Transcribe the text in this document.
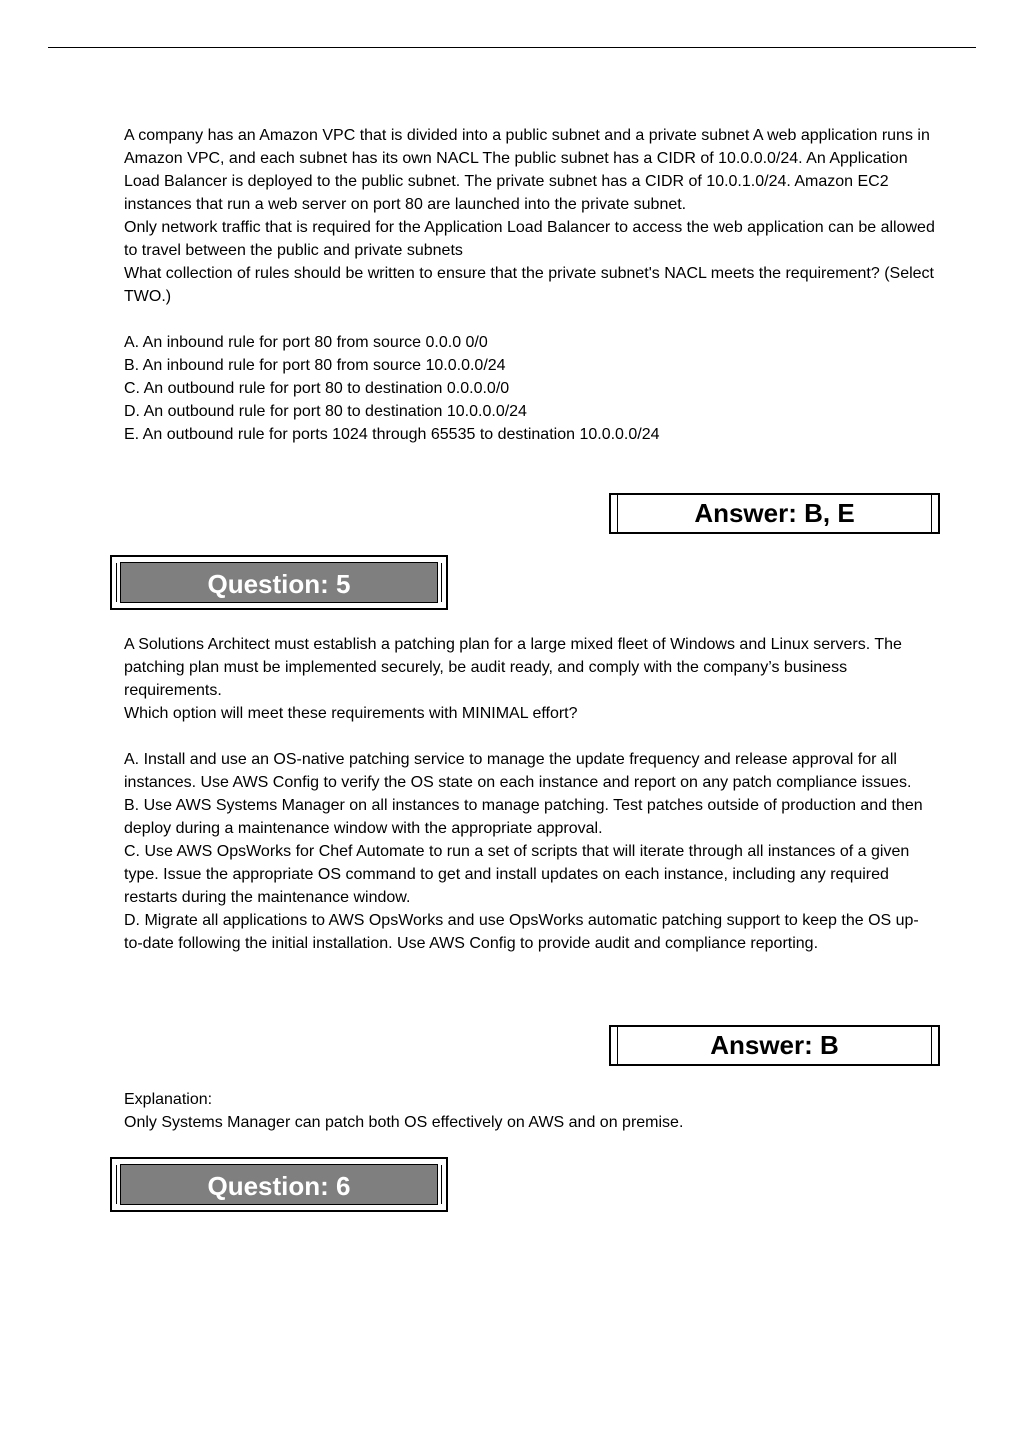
A company has an Amazon VPC that is divided into a public subnet and a private subnet A web application runs in Amazon VPC, and each subnet has its own NACL The public subnet has a CIDR of 10.0.0.0/24. An Application Load Balancer is deployed to the public subnet. The private subnet has a CIDR of 10.0.1.0/24. Amazon EC2 instances that run a web server on port 80 are launched into the private subnet.

Only network traffic that is required for the Application Load Balancer to access the web application can be allowed to travel between the public and private subnets

What collection of rules should be written to ensure that the private subnet's NACL meets the requirement? (Select TWO.)

A. An inbound rule for port 80 from source 0.0.0 0/0

B. An inbound rule for port 80 from source 10.0.0.0/24

C. An outbound rule for port 80 to destination 0.0.0.0/0

D. An outbound rule for port 80 to destination 10.0.0.0/24

E. An outbound rule for ports 1024 through 65535 to destination 10.0.0.0/24

Answer: B, E
Question: 5

A Solutions Architect must establish a patching plan for a large mixed fleet of Windows and Linux servers. The patching plan must be implemented securely, be audit ready, and comply with the company’s business requirements.

Which option will meet these requirements with MINIMAL effort?

A. Install and use an OS-native patching service to manage the update frequency and release approval for all instances. Use AWS Config to verify the OS state on each instance and report on any patch compliance issues.

B. Use AWS Systems Manager on all instances to manage patching. Test patches outside of production and then deploy during a maintenance window with the appropriate approval.

C. Use AWS OpsWorks for Chef Automate to run a set of scripts that will iterate through all instances of a given type. Issue the appropriate OS command to get and install updates on each instance, including any required restarts during the maintenance window.

D. Migrate all applications to AWS OpsWorks and use OpsWorks automatic patching support to keep the OS up-to-date following the initial installation. Use AWS Config to provide audit and compliance reporting.

Answer: B

Explanation:

Only Systems Manager can patch both OS effectively on AWS and on premise.

Question: 6
